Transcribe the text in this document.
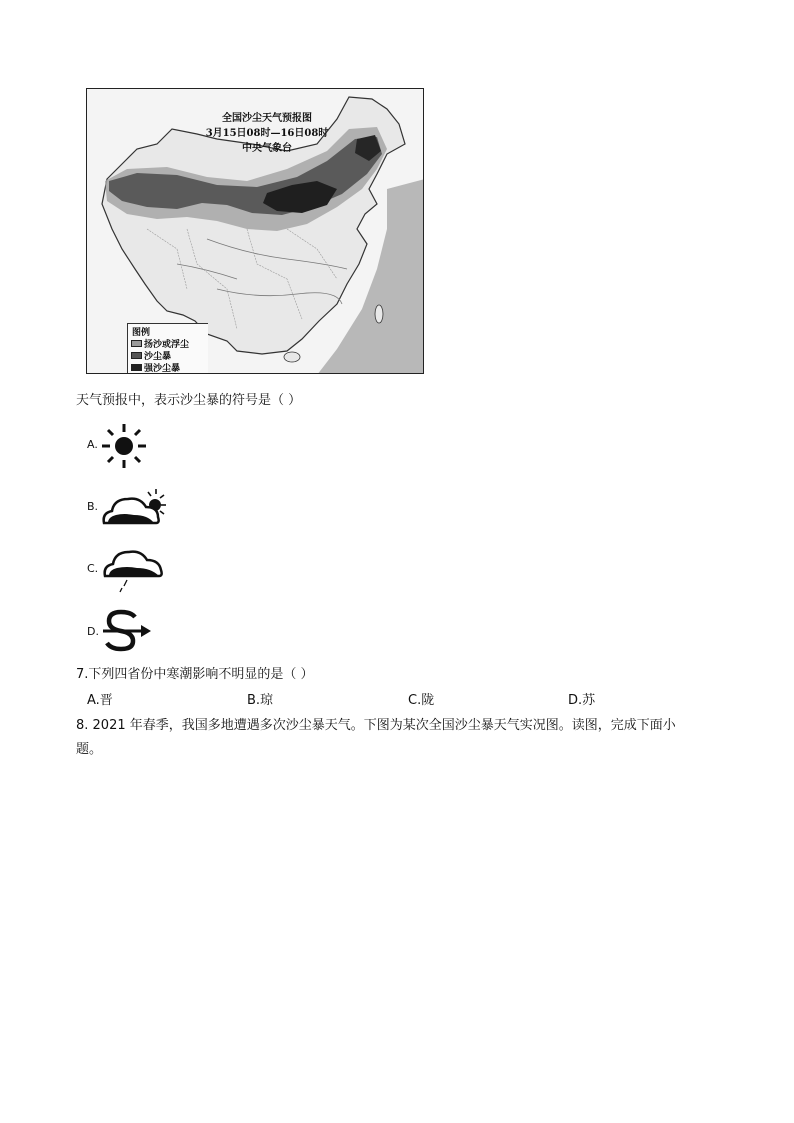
全国沙尘天气预报图
3月15日08时—16日08时
中央气象台
图例
扬沙或浮尘
沙尘暴
强沙尘暴
天气预报中，表示沙尘暴的符号是（ ）
A.
B.
C.
D.
7.下列四省份中寒潮影响不明显的是（ ）
A.晋	B.琼	C.陇	D.苏
8. 2021 年春季，我国多地遭遇多次沙尘暴天气。下图为某次全国沙尘暴天气实况图。读图，完成下面小
题。
